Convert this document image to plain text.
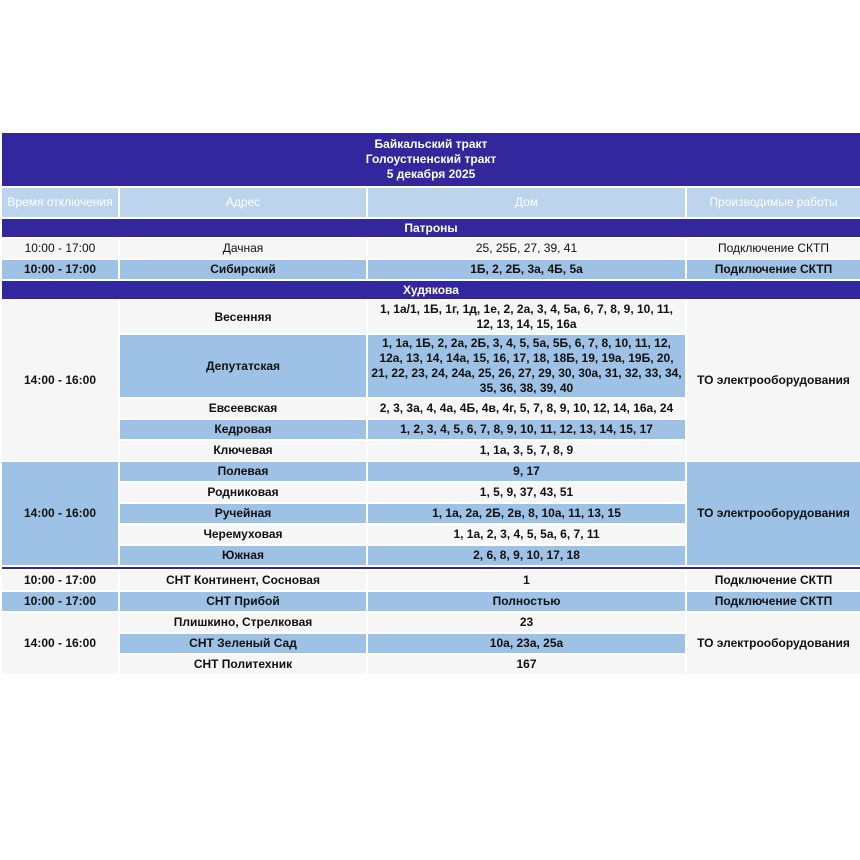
Байкальский тракт
Голоустненский тракт
5 декабря 2025			

Время отключения	Адрес	Дом	Производимые работы
Патроны			
10:00 - 17:00	Дачная	25, 25Б, 27, 39, 41	Подключение СКТП
10:00 - 17:00	Сибирский	1Б, 2, 2Б, 3а, 4Б, 5а	Подключение СКТП
Худякова			
14:00 - 16:00	Весенняя	1, 1а/1, 1Б, 1г, 1д, 1е, 2, 2а, 3, 4, 5а, 6, 7, 8, 9, 10, 11, 12, 13, 14, 15, 16а	ТО электрооборудования
	Депутатская	1, 1а, 1Б, 2, 2а, 2Б, 3, 4, 5, 5а, 5Б, 6, 7, 8, 10, 11, 12, 12а, 13, 14, 14а, 15, 16, 17, 18, 18Б, 19, 19а, 19Б, 20, 21, 22, 23, 24, 24а, 25, 26, 27, 29, 30, 30а, 31, 32, 33, 34, 35, 36, 38, 39, 40	
	Евсеевская	2, 3, 3а, 4, 4а, 4Б, 4в, 4г, 5, 7, 8, 9, 10, 12, 14, 16а, 24	
	Кедровая	1, 2, 3, 4, 5, 6, 7, 8, 9, 10, 11, 12, 13, 14, 15, 17	
	Ключевая	1, 1а, 3, 5, 7, 8, 9	
14:00 - 16:00	Полевая	9, 17	ТО электрооборудования
	Родниковая	1, 5, 9, 37, 43, 51	
	Ручейная	1, 1а, 2а, 2Б, 2в, 8, 10а, 11, 13, 15	
	Черемуховая	1, 1а, 2, 3, 4, 5, 5а, 6, 7, 11	
	Южная	2, 6, 8, 9, 10, 17, 18	

10:00 - 17:00	СНТ Континент, Сосновая	1	Подключение СКТП
10:00 - 17:00	СНТ Прибой	Полностью	Подключение СКТП
14:00 - 16:00	Плишкино, Стрелковая	23	ТО электрооборудования
	СНТ Зеленый Сад	10а, 23а, 25а	
	СНТ Политехник	167	
